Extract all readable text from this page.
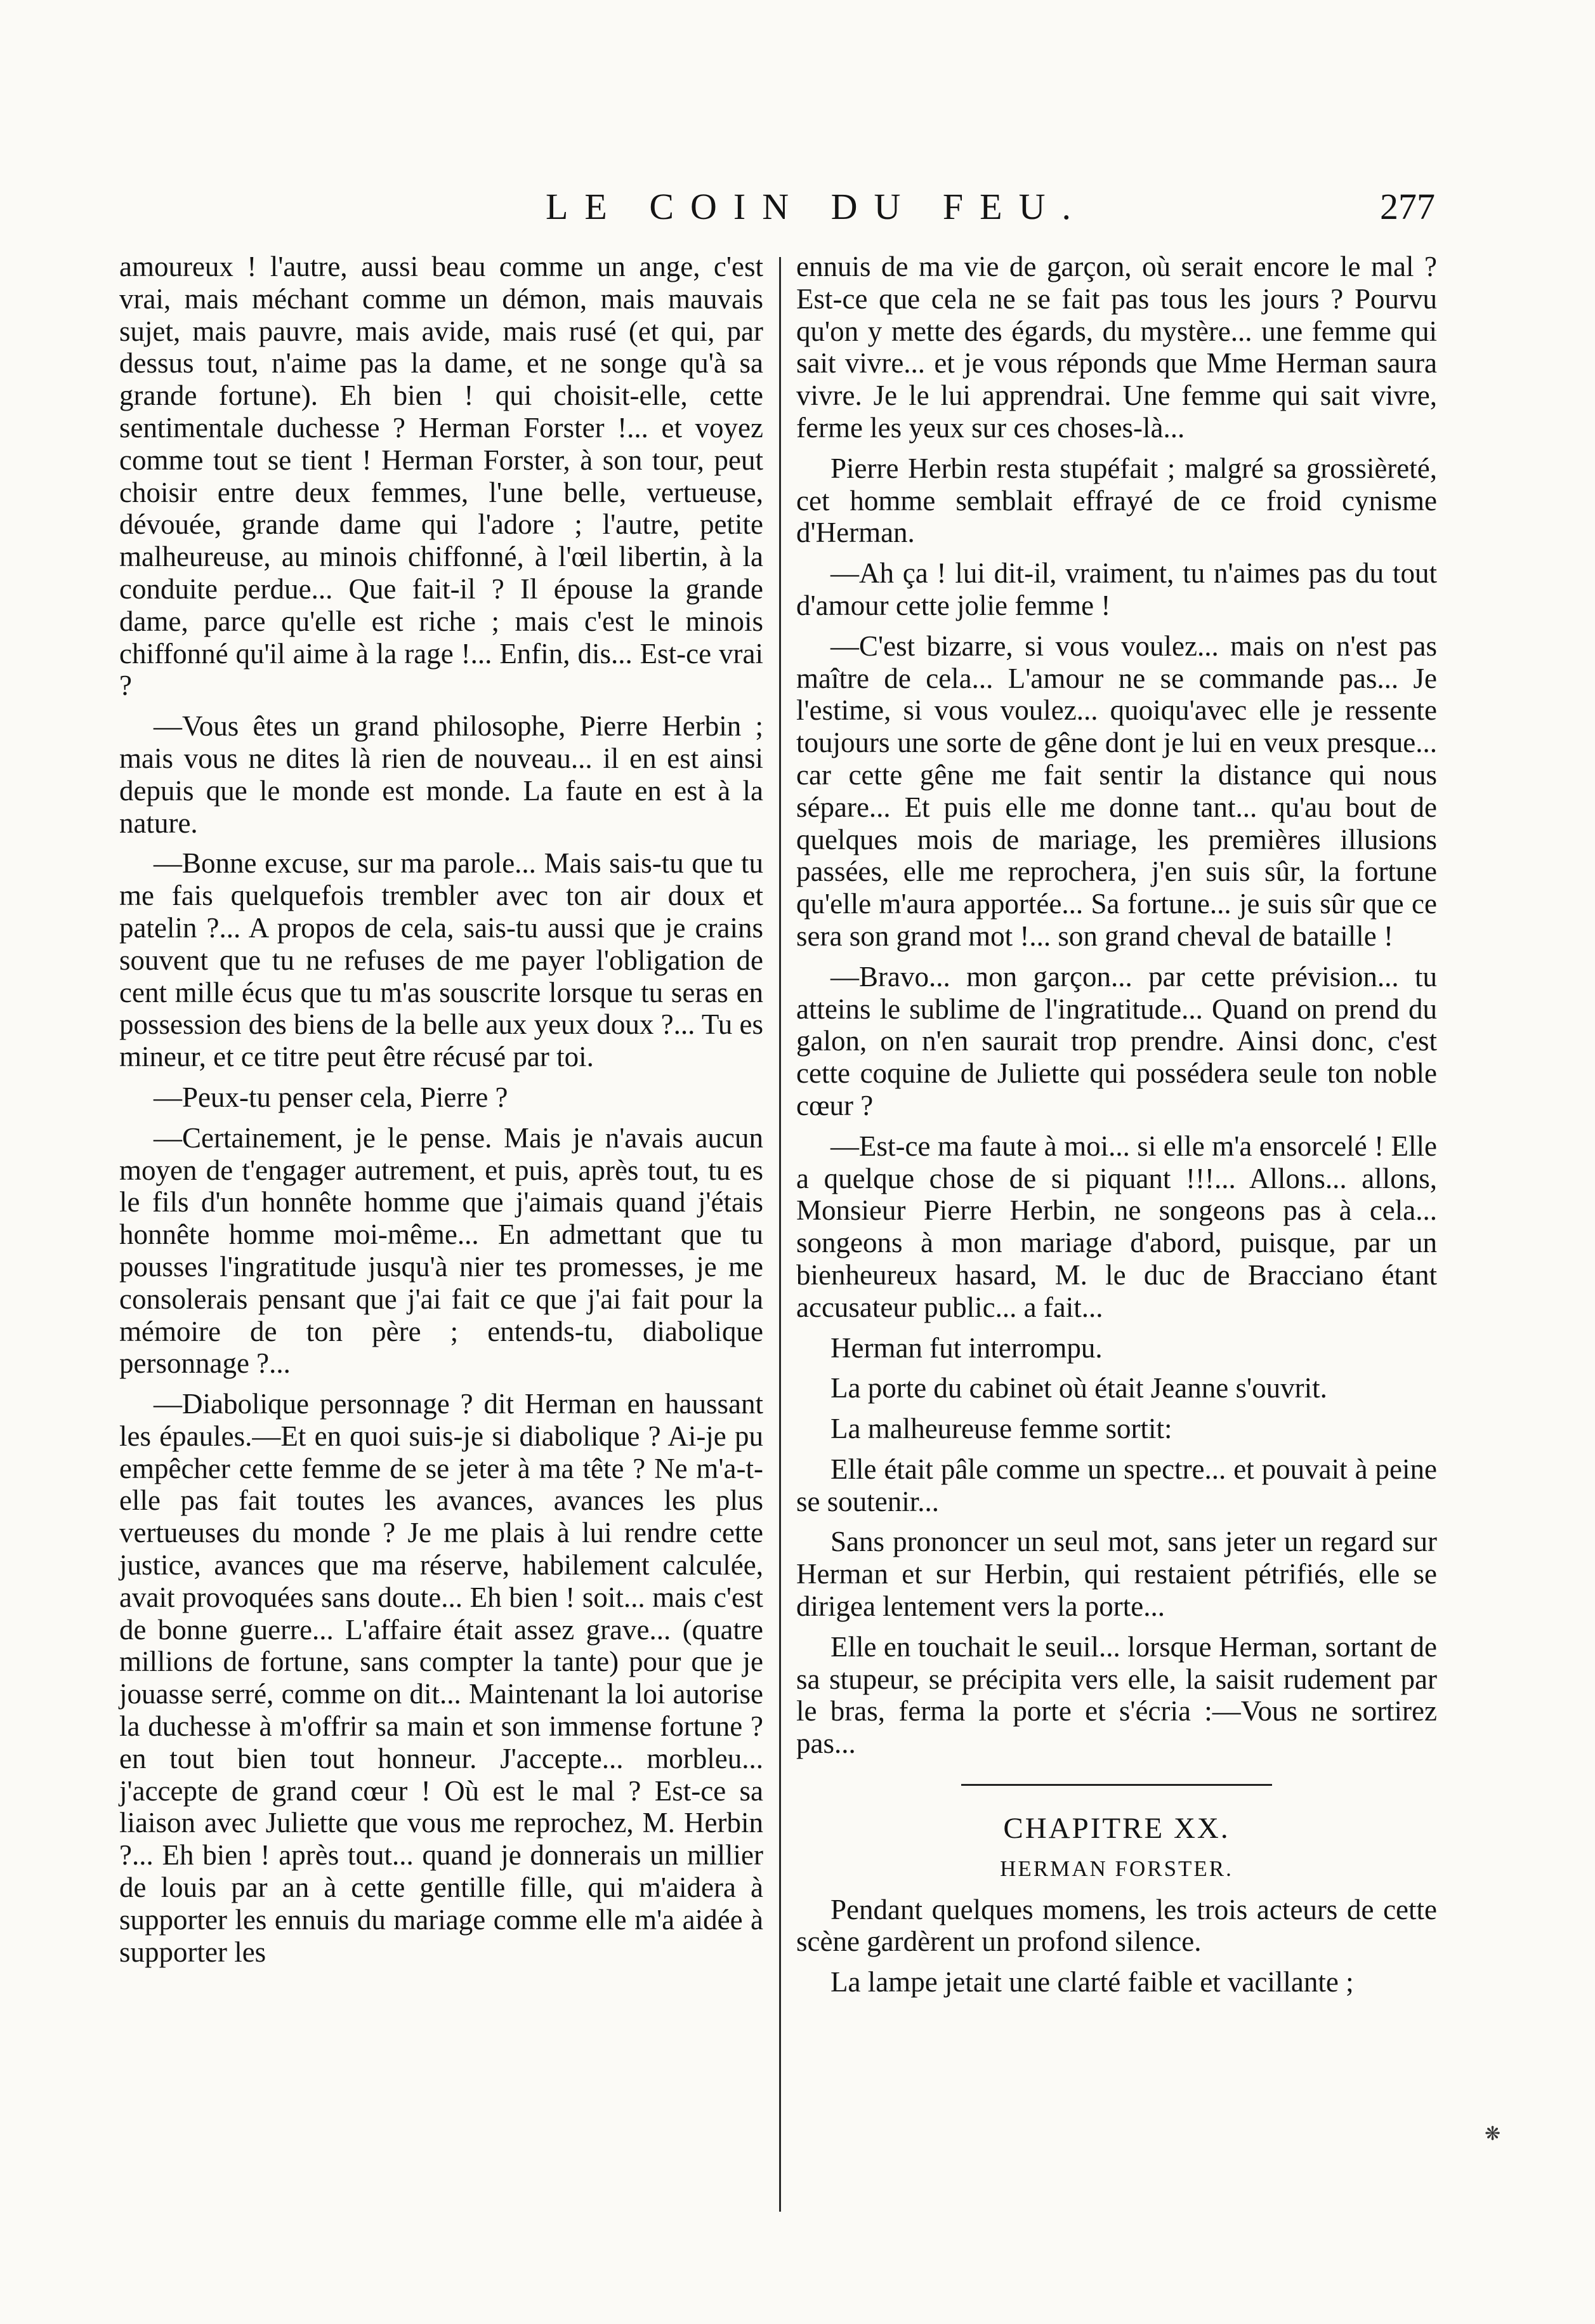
LE COIN DU FEU.	277

amoureux ! l'autre, aussi beau comme un ange, c'est vrai, mais méchant comme un démon, mais mauvais sujet, mais pauvre, mais avide, mais rusé (et qui, par dessus tout, n'aime pas la dame, et ne songe qu'à sa grande fortune). Eh bien ! qui choisit-elle, cette sentimentale duchesse ? Herman Forster !... et voyez comme tout se tient ! Herman Forster, à son tour, peut choisir entre deux femmes, l'une belle, vertueuse, dévouée, grande dame qui l'adore ; l'autre, petite malheureuse, au minois chiffonné, à l'œil libertin, à la conduite perdue... Que fait-il ? Il épouse la grande dame, parce qu'elle est riche ; mais c'est le minois chiffonné qu'il aime à la rage !... Enfin, dis... Est-ce vrai ?

—Vous êtes un grand philosophe, Pierre Herbin ; mais vous ne dites là rien de nouveau... il en est ainsi depuis que le monde est monde. La faute en est à la nature.

—Bonne excuse, sur ma parole... Mais sais-tu que tu me fais quelquefois trembler avec ton air doux et patelin ?... A propos de cela, sais-tu aussi que je crains souvent que tu ne refuses de me payer l'obligation de cent mille écus que tu m'as souscrite lorsque tu seras en possession des biens de la belle aux yeux doux ?... Tu es mineur, et ce titre peut être récusé par toi.

—Peux-tu penser cela, Pierre ?

—Certainement, je le pense. Mais je n'avais aucun moyen de t'engager autrement, et puis, après tout, tu es le fils d'un honnête homme que j'aimais quand j'étais honnête homme moi-même... En admettant que tu pousses l'ingratitude jusqu'à nier tes promesses, je me consolerais pensant que j'ai fait ce que j'ai fait pour la mémoire de ton père ; entends-tu, diabolique personnage ?...

—Diabolique personnage ? dit Herman en haussant les épaules.—Et en quoi suis-je si diabolique ? Ai-je pu empêcher cette femme de se jeter à ma tête ? Ne m'a-t-elle pas fait toutes les avances, avances les plus vertueuses du monde ? Je me plais à lui rendre cette justice, avances que ma réserve, habilement calculée, avait provoquées sans doute... Eh bien ! soit... mais c'est de bonne guerre... L'affaire était assez grave... (quatre millions de fortune, sans compter la tante) pour que je jouasse serré, comme on dit... Maintenant la loi autorise la duchesse à m'offrir sa main et son immense fortune ? en tout bien tout honneur. J'accepte... morbleu... j'accepte de grand cœur ! Où est le mal ? Est-ce sa liaison avec Juliette que vous me reprochez, M. Herbin ?... Eh bien ! après tout... quand je donnerais un millier de louis par an à cette gentille fille, qui m'aidera à supporter les ennuis du mariage comme elle m'a aidée à supporter les

ennuis de ma vie de garçon, où serait encore le mal ? Est-ce que cela ne se fait pas tous les jours ? Pourvu qu'on y mette des égards, du mystère... une femme qui sait vivre... et je vous réponds que Mme Herman saura vivre. Je le lui apprendrai. Une femme qui sait vivre, ferme les yeux sur ces choses-là...

Pierre Herbin resta stupéfait ; malgré sa grossièreté, cet homme semblait effrayé de ce froid cynisme d'Herman.

—Ah ça ! lui dit-il, vraiment, tu n'aimes pas du tout d'amour cette jolie femme !

—C'est bizarre, si vous voulez... mais on n'est pas maître de cela... L'amour ne se commande pas... Je l'estime, si vous voulez... quoiqu'avec elle je ressente toujours une sorte de gêne dont je lui en veux presque... car cette gêne me fait sentir la distance qui nous sépare... Et puis elle me donne tant... qu'au bout de quelques mois de mariage, les premières illusions passées, elle me reprochera, j'en suis sûr, la fortune qu'elle m'aura apportée... Sa fortune... je suis sûr que ce sera son grand mot !... son grand cheval de bataille !

—Bravo... mon garçon... par cette prévision... tu atteins le sublime de l'ingratitude... Quand on prend du galon, on n'en saurait trop prendre. Ainsi donc, c'est cette coquine de Juliette qui possédera seule ton noble cœur ?

—Est-ce ma faute à moi... si elle m'a ensorcelé ! Elle a quelque chose de si piquant !!!... Allons... allons, Monsieur Pierre Herbin, ne songeons pas à cela... songeons à mon mariage d'abord, puisque, par un bienheureux hasard, M. le duc de Bracciano étant accusateur public... a fait...

Herman fut interrompu.

La porte du cabinet où était Jeanne s'ouvrit.

La malheureuse femme sortit:

Elle était pâle comme un spectre... et pouvait à peine se soutenir...

Sans prononcer un seul mot, sans jeter un regard sur Herman et sur Herbin, qui restaient pétrifiés, elle se dirigea lentement vers la porte...

Elle en touchait le seuil... lorsque Herman, sortant de sa stupeur, se précipita vers elle, la saisit rudement par le bras, ferma la porte et s'écria :—Vous ne sortirez pas...

CHAPITRE XX.

HERMAN FORSTER.

Pendant quelques momens, les trois acteurs de cette scène gardèrent un profond silence.

La lampe jetait une clarté faible et vacillante ;

❋
